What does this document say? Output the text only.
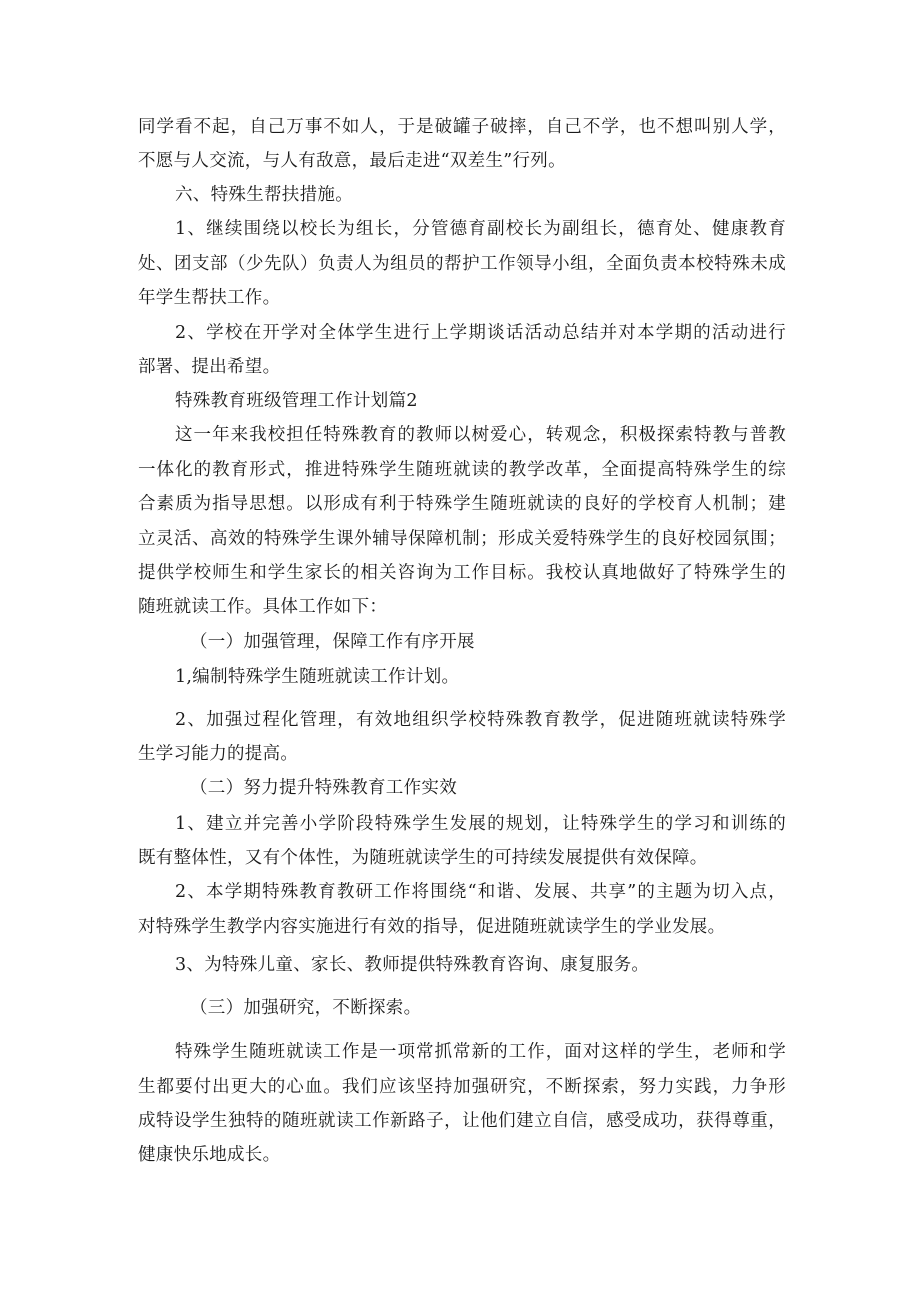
同学看不起，自己万事不如人，于是破罐子破摔，自己不学，也不想叫别人学，
不愿与人交流，与人有敌意，最后走进“双差生”行列。
六、特殊生帮扶措施。
1、继续围绕以校长为组长，分管德育副校长为副组长，德育处、健康教育
处、团支部（少先队）负责人为组员的帮护工作领导小组，全面负责本校特殊未成
年学生帮扶工作。
2、学校在开学对全体学生进行上学期谈话活动总结并对本学期的活动进行
部署、提出希望。
特殊教育班级管理工作计划篇2
这一年来我校担任特殊教育的教师以树爱心，转观念，积极探索特教与普教
一体化的教育形式，推进特殊学生随班就读的教学改革，全面提高特殊学生的综
合素质为指导思想。以形成有利于特殊学生随班就读的良好的学校育人机制；建
立灵活、高效的特殊学生课外辅导保障机制；形成关爱特殊学生的良好校园氛围；
提供学校师生和学生家长的相关咨询为工作目标。我校认真地做好了特殊学生的
随班就读工作。具体工作如下：
（一）加强管理，保障工作有序开展
1,编制特殊学生随班就读工作计划。
2、加强过程化管理，有效地组织学校特殊教育教学，促进随班就读特殊学
生学习能力的提高。
（二）努力提升特殊教育工作实效
1、建立并完善小学阶段特殊学生发展的规划，让特殊学生的学习和训练的
既有整体性，又有个体性，为随班就读学生的可持续发展提供有效保障。
2、本学期特殊教育教研工作将围绕“和谐、发展、共享”的主题为切入点，
对特殊学生教学内容实施进行有效的指导，促进随班就读学生的学业发展。
3、为特殊儿童、家长、教师提供特殊教育咨询、康复服务。
（三）加强研究，不断探索。
特殊学生随班就读工作是一项常抓常新的工作，面对这样的学生，老师和学
生都要付出更大的心血。我们应该坚持加强研究，不断探索，努力实践，力争形
成特设学生独特的随班就读工作新路子，让他们建立自信，感受成功，获得尊重，
健康快乐地成长。
